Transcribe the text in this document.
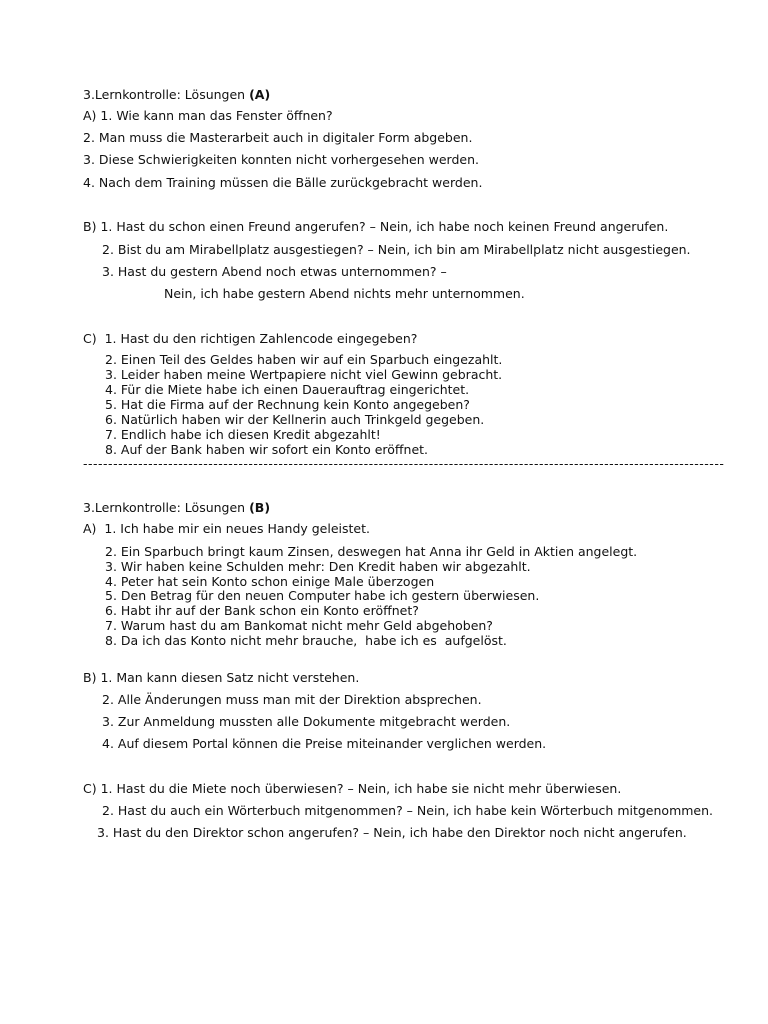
3.Lernkontrolle: Lösungen (A)
A) 1. Wie kann man das Fenster öffnen?
2. Man muss die Masterarbeit auch in digitaler Form abgeben.
3. Diese Schwierigkeiten konnten nicht vorhergesehen werden.
4. Nach dem Training müssen die Bälle zurückgebracht werden.
B) 1. Hast du schon einen Freund angerufen? – Nein, ich habe noch keinen Freund angerufen.
2. Bist du am Mirabellplatz ausgestiegen? – Nein, ich bin am Mirabellplatz nicht ausgestiegen.
3. Hast du gestern Abend noch etwas unternommen? –
Nein, ich habe gestern Abend nichts mehr unternommen.
C) 1. Hast du den richtigen Zahlencode eingegeben?
2. Einen Teil des Geldes haben wir auf ein Sparbuch eingezahlt.
3. Leider haben meine Wertpapiere nicht viel Gewinn gebracht.
4. Für die Miete habe ich einen Dauerauftrag eingerichtet.
5. Hat die Firma auf der Rechnung kein Konto angegeben?
6. Natürlich haben wir der Kellnerin auch Trinkgeld gegeben.
7. Endlich habe ich diesen Kredit abgezahlt!
8. Auf der Bank haben wir sofort ein Konto eröffnet.
--------------------------------------------------------------------------------------------------------------------------------
3.Lernkontrolle: Lösungen (B)
A) 1. Ich habe mir ein neues Handy geleistet.
2. Ein Sparbuch bringt kaum Zinsen, deswegen hat Anna ihr Geld in Aktien angelegt.
3. Wir haben keine Schulden mehr: Den Kredit haben wir abgezahlt.
4. Peter hat sein Konto schon einige Male überzogen
5. Den Betrag für den neuen Computer habe ich gestern überwiesen.
6. Habt ihr auf der Bank schon ein Konto eröffnet?
7. Warum hast du am Bankomat nicht mehr Geld abgehoben?
8. Da ich das Konto nicht mehr brauche,  habe ich es  aufgelöst.
B) 1. Man kann diesen Satz nicht verstehen.
2. Alle Änderungen muss man mit der Direktion absprechen.
3. Zur Anmeldung mussten alle Dokumente mitgebracht werden.
4. Auf diesem Portal können die Preise miteinander verglichen werden.
C) 1. Hast du die Miete noch überwiesen? – Nein, ich habe sie nicht mehr überwiesen.
2. Hast du auch ein Wörterbuch mitgenommen? – Nein, ich habe kein Wörterbuch mitgenommen.
3. Hast du den Direktor schon angerufen? – Nein, ich habe den Direktor noch nicht angerufen.
